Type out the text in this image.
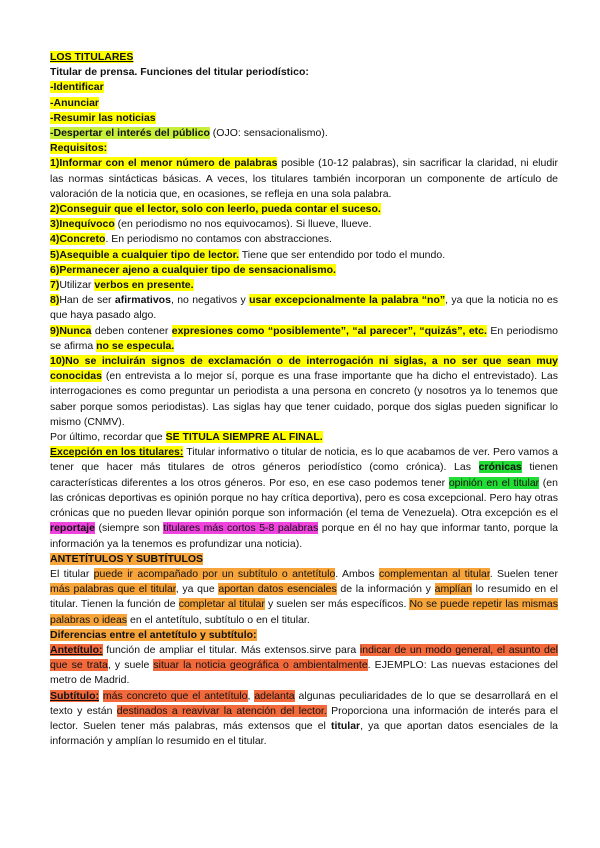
LOS TITULARES

Titular de prensa. Funciones del titular periodístico:

-Identificar

-Anunciar

-Resumir las noticias

-Despertar el interés del público (OJO: sensacionalismo).

Requisitos:

1)Informar con el menor número de palabras posible (10-12 palabras), sin sacrificar la claridad, ni eludir las normas sintácticas básicas. A veces, los titulares también incorporan un componente de artículo de valoración de la noticia que, en ocasiones, se refleja en una sola palabra.

2)Conseguir que el lector, solo con leerlo, pueda contar el suceso.

3)Inequívoco (en periodismo no nos equivocamos). Si llueve, llueve.

4)Concreto. En periodismo no contamos con abstracciones.

5)Asequible a cualquier tipo de lector. Tiene que ser entendido por todo el mundo.

6)Permanecer ajeno a cualquier tipo de sensacionalismo.

7)Utilizar verbos en presente.

8)Han de ser afirmativos, no negativos y usar excepcionalmente la palabra “no”, ya que la noticia no es que haya pasado algo.

9)Nunca deben contener expresiones como “posiblemente”, “al parecer”, “quizás”, etc. En periodismo se afirma no se especula.

10)No se incluirán signos de exclamación o de interrogación ni siglas, a no ser que sean muy conocidas (en entrevista a lo mejor sí, porque es una frase importante que ha dicho el entrevistado). Las interrogaciones es como preguntar un periodista a una persona en concreto (y nosotros ya lo tenemos que saber porque somos periodistas). Las siglas hay que tener cuidado, porque dos siglas pueden significar lo mismo (CNMV).

Por último, recordar que SE TITULA SIEMPRE AL FINAL.

Excepción en los titulares: Titular informativo o titular de noticia, es lo que acabamos de ver. Pero vamos a tener que hacer más titulares de otros géneros periodístico (como crónica). Las crónicas tienen características diferentes a los otros géneros. Por eso, en ese caso podemos tener opinión en el titular (en las crónicas deportivas es opinión porque no hay crítica deportiva), pero es cosa excepcional. Pero hay otras crónicas que no pueden llevar opinión porque son información (el tema de Venezuela). Otra excepción es el reportaje (siempre son titulares más cortos 5-8 palabras porque en él no hay que informar tanto, porque la información ya la tenemos es profundizar una noticia).

ANTETÍTULOS Y SUBTÍTULOS

El titular puede ir acompañado por un subtítulo o antetítulo. Ambos complementan al titular. Suelen tener más palabras que el titular, ya que aportan datos esenciales de la información y amplían lo resumido en el titular. Tienen la función de completar al titular y suelen ser más específicos. No se puede repetir las mismas palabras o ideas en el antetítulo, subtítulo o en el titular.

Diferencias entre el antetítulo y subtítulo:

Antetítulo: función de ampliar el titular. Más extensos.sirve para indicar de un modo general, el asunto del que se trata, y suele situar la noticia geográfica o ambientalmente. EJEMPLO: Las nuevas estaciones del metro de Madrid.

Subtítulo: más concreto que el antetítulo, adelanta algunas peculiaridades de lo que se desarrollará en el texto y están destinados a reavivar la atención del lector. Proporciona una información de interés para el lector. Suelen tener más palabras, más extensos que el titular, ya que aportan datos esenciales de la información y amplían lo resumido en el titular.
